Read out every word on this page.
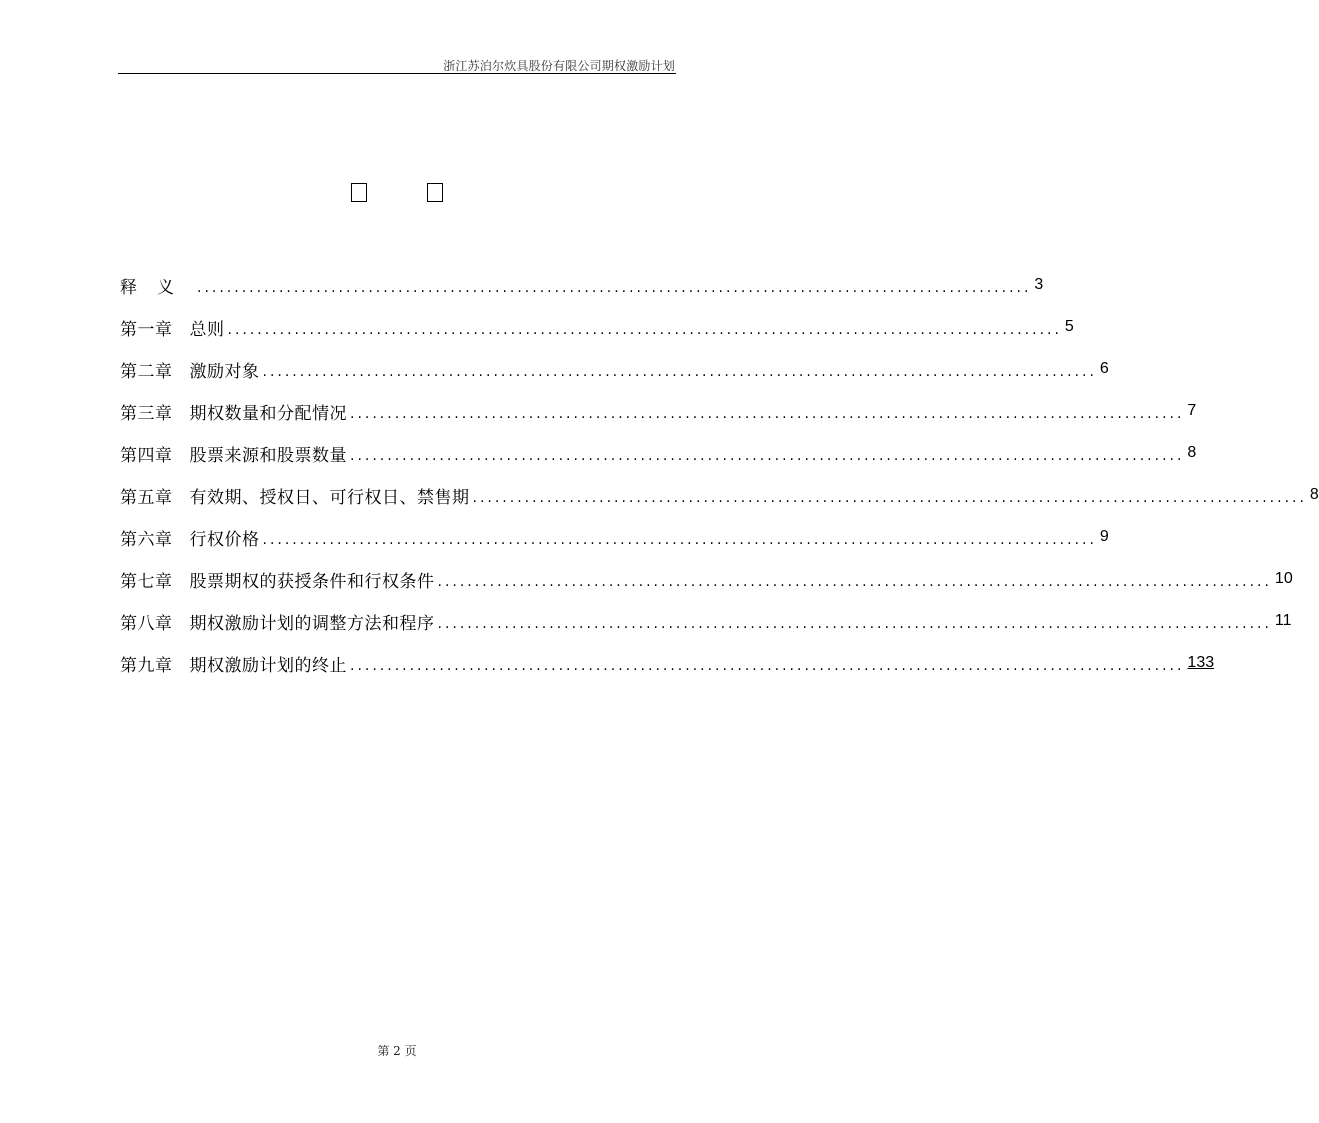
浙江苏泊尔炊具股份有限公司期权激励计划

释义 ................................................................................................................ 3
第一章 总则 ................................................................................................................ 5
第二章 激励对象 ................................................................................................................ 6
第三章 期权数量和分配情况 ................................................................................................................ 7
第四章 股票来源和股票数量 ................................................................................................................ 8
第五章 有效期、授权日、可行权日、禁售期 ................................................................................................................ 8
第六章 行权价格 ................................................................................................................ 9
第七章 股票期权的获授条件和行权条件 ................................................................................................................ 10
第八章 期权激励计划的调整方法和程序 ................................................................................................................ 11
第九章 期权激励计划的终止 ................................................................................................................ 133
第 2 页
